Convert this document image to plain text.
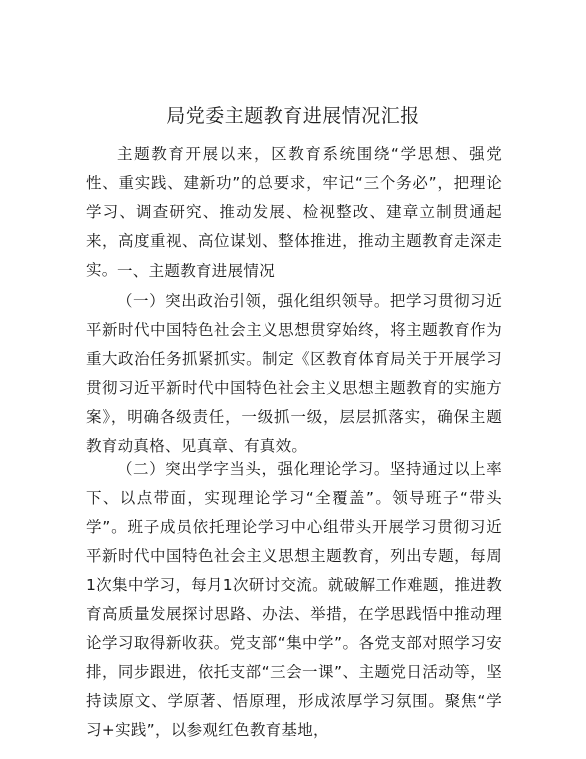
局党委主题教育进展情况汇报
主题教育开展以来，区教育系统围绕“学思想、强党性、重实践、建新功”的总要求，牢记“三个务必”，把理论学习、调查研究、推动发展、检视整改、建章立制贯通起来，高度重视、高位谋划、整体推进，推动主题教育走深走实。 一、主题教育进展情况
（一）突出政治引领，强化组织领导。把学习贯彻习近平新时代中国特色社会主义思想贯穿始终，将主题教育作为重大政治任务抓紧抓实。制定《区教育体育局关于开展学习贯彻习近平新时代中国特色社会主义思想主题教育的实施方案》，明确各级责任，一级抓一级，层层抓落实，确保主题教育动真格、见真章、有真效。
（二）突出学字当头，强化理论学习。坚持通过以上率下、以点带面，实现理论学习“全覆盖”。领导班子“带头学”。班子成员依托理论学习中心组带头开展学习贯彻习近平新时代中国特色社会主义思想主题教育，列出专题，每周1次集中学习，每月1次研讨交流。就破解工作难题，推进教育高质量发展探讨思路、办法、举措，在学思践悟中推动理论学习取得新收获。党支部“集中学”。各党支部对照学习安排，同步跟进，依托支部“三会一课”、主题党日活动等，坚持读原文、学原著、悟原理，形成浓厚学习氛围。聚焦“学习+实践”，以参观红色教育基地，
